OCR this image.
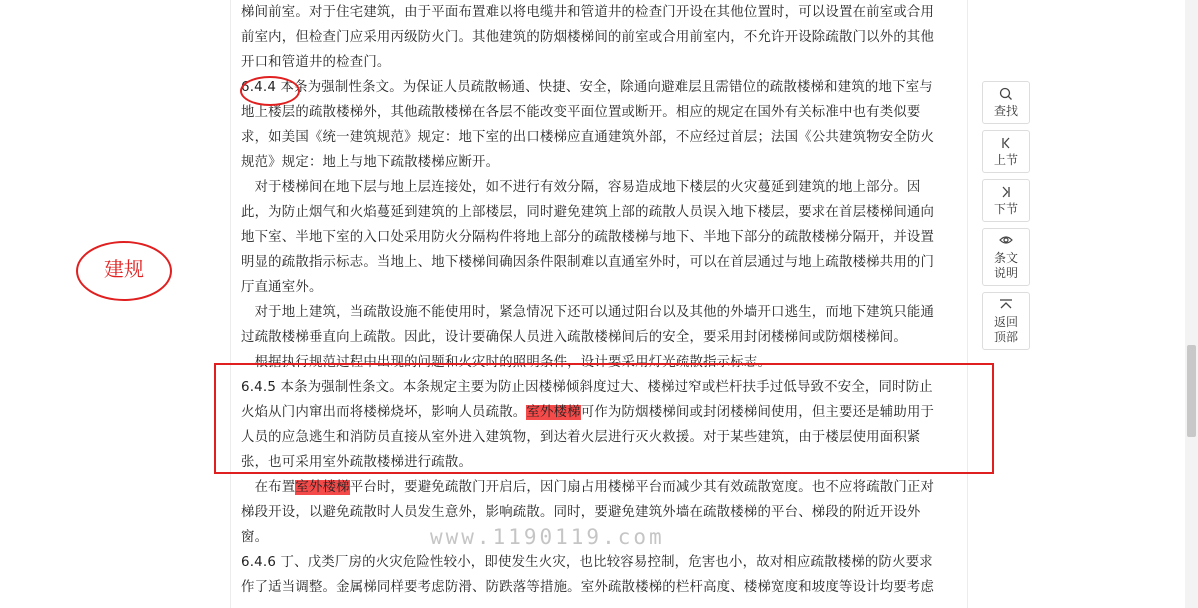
梯间前室。对于住宅建筑，由于平面布置难以将电缆井和管道井的检查门开设在其他位置时，可以设置在前室或合用
前室内，但检查门应采用丙级防火门。其他建筑的防烟楼梯间的前室或合用前室内，不允许开设除疏散门以外的其他
开口和管道井的检查门。
6.4.4 本条为强制性条文。为保证人员疏散畅通、快捷、安全，除通向避难层且需错位的疏散楼梯和建筑的地下室与
地上楼层的疏散楼梯外，其他疏散楼梯在各层不能改变平面位置或断开。相应的规定在国外有关标准中也有类似要
求，如美国《统一建筑规范》规定：地下室的出口楼梯应直通建筑外部，不应经过首层；法国《公共建筑物安全防火
规范》规定：地上与地下疏散楼梯应断开。
　对于楼梯间在地下层与地上层连接处，如不进行有效分隔，容易造成地下楼层的火灾蔓延到建筑的地上部分。因
此，为防止烟气和火焰蔓延到建筑的上部楼层，同时避免建筑上部的疏散人员误入地下楼层，要求在首层楼梯间通向
地下室、半地下室的入口处采用防火分隔构件将地上部分的疏散楼梯与地下、半地下部分的疏散楼梯分隔开，并设置
明显的疏散指示标志。当地上、地下楼梯间确因条件限制难以直通室外时，可以在首层通过与地上疏散楼梯共用的门
厅直通室外。
　对于地上建筑，当疏散设施不能使用时，紧急情况下还可以通过阳台以及其他的外墙开口逃生，而地下建筑只能通
过疏散楼梯垂直向上疏散。因此，设计要确保人员进入疏散楼梯间后的安全，要采用封闭楼梯间或防烟楼梯间。
　根据执行规范过程中出现的问题和火灾时的照明条件，设计要采用灯光疏散指示标志。
6.4.5 本条为强制性条文。本条规定主要为防止因楼梯倾斜度过大、楼梯过窄或栏杆扶手过低导致不安全，同时防止
火焰从门内窜出而将楼梯烧坏，影响人员疏散。室外楼梯可作为防烟楼梯间或封闭楼梯间使用，但主要还是辅助用于
人员的应急逃生和消防员直接从室外进入建筑物，到达着火层进行灭火救援。对于某些建筑，由于楼层使用面积紧
张，也可采用室外疏散楼梯进行疏散。
　在布置室外楼梯平台时，要避免疏散门开启后，因门扇占用楼梯平台而减少其有效疏散宽度。也不应将疏散门正对
梯段开设，以避免疏散时人员发生意外，影响疏散。同时，要避免建筑外墙在疏散楼梯的平台、梯段的附近开设外
窗。
6.4.6 丁、戊类厂房的火灾危险性较小，即使发生火灾，也比较容易控制，危害也小，故对相应疏散楼梯的防火要求
作了适当调整。金属梯同样要考虑防滑、防跌落等措施。室外疏散楼梯的栏杆高度、楼梯宽度和坡度等设计均要考虑
建规
www.1190119.com
查找
上节
下节
条文说明
返回顶部
